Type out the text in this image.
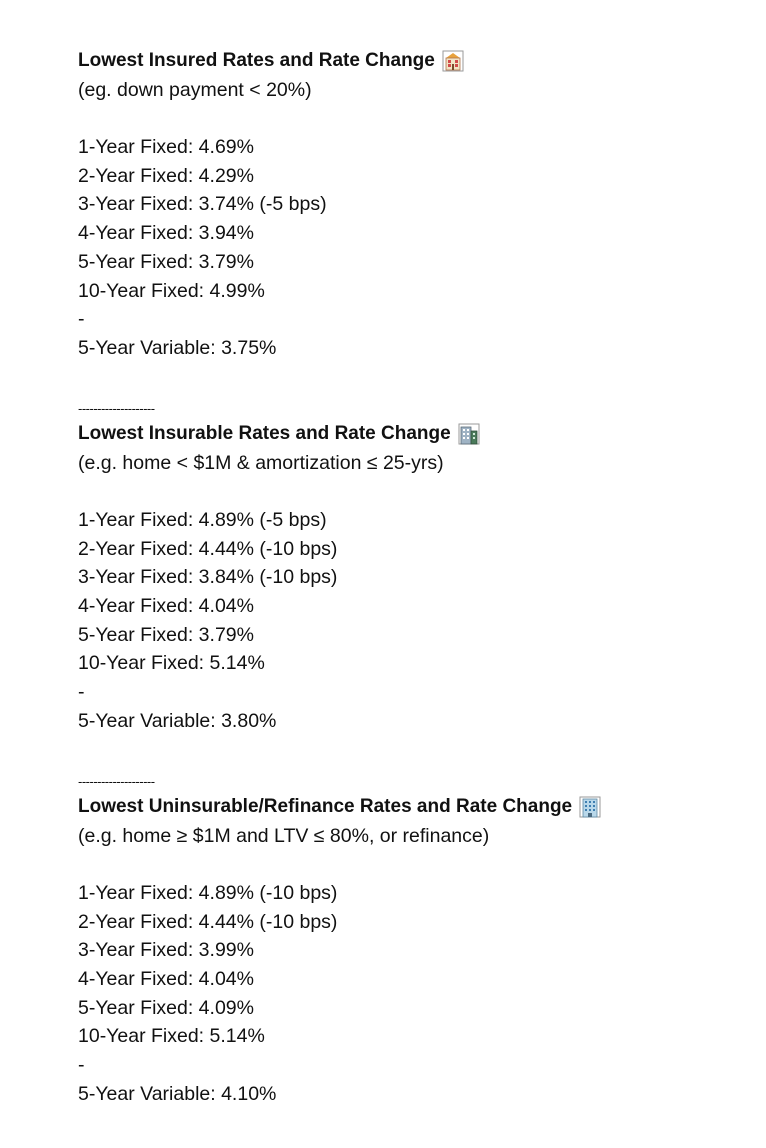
Lowest Insured Rates and Rate Change
(eg. down payment < 20%)
1-Year Fixed: 4.69%
2-Year Fixed: 4.29%
3-Year Fixed: 3.74% (-5 bps)
4-Year Fixed: 3.94%
5-Year Fixed: 3.79%
10-Year Fixed: 4.99%
-
5-Year Variable: 3.75%
--------------------
Lowest Insurable Rates and Rate Change
(e.g. home < $1M & amortization ≤ 25-yrs)
1-Year Fixed: 4.89% (-5 bps)
2-Year Fixed: 4.44% (-10 bps)
3-Year Fixed: 3.84% (-10 bps)
4-Year Fixed: 4.04%
5-Year Fixed: 3.79%
10-Year Fixed: 5.14%
-
5-Year Variable: 3.80%
--------------------
Lowest Uninsurable/Refinance Rates and Rate Change
(e.g. home ≥ $1M and LTV ≤ 80%, or refinance)
1-Year Fixed: 4.89% (-10 bps)
2-Year Fixed: 4.44% (-10 bps)
3-Year Fixed: 3.99%
4-Year Fixed: 4.04%
5-Year Fixed: 4.09%
10-Year Fixed: 5.14%
-
5-Year Variable: 4.10%
